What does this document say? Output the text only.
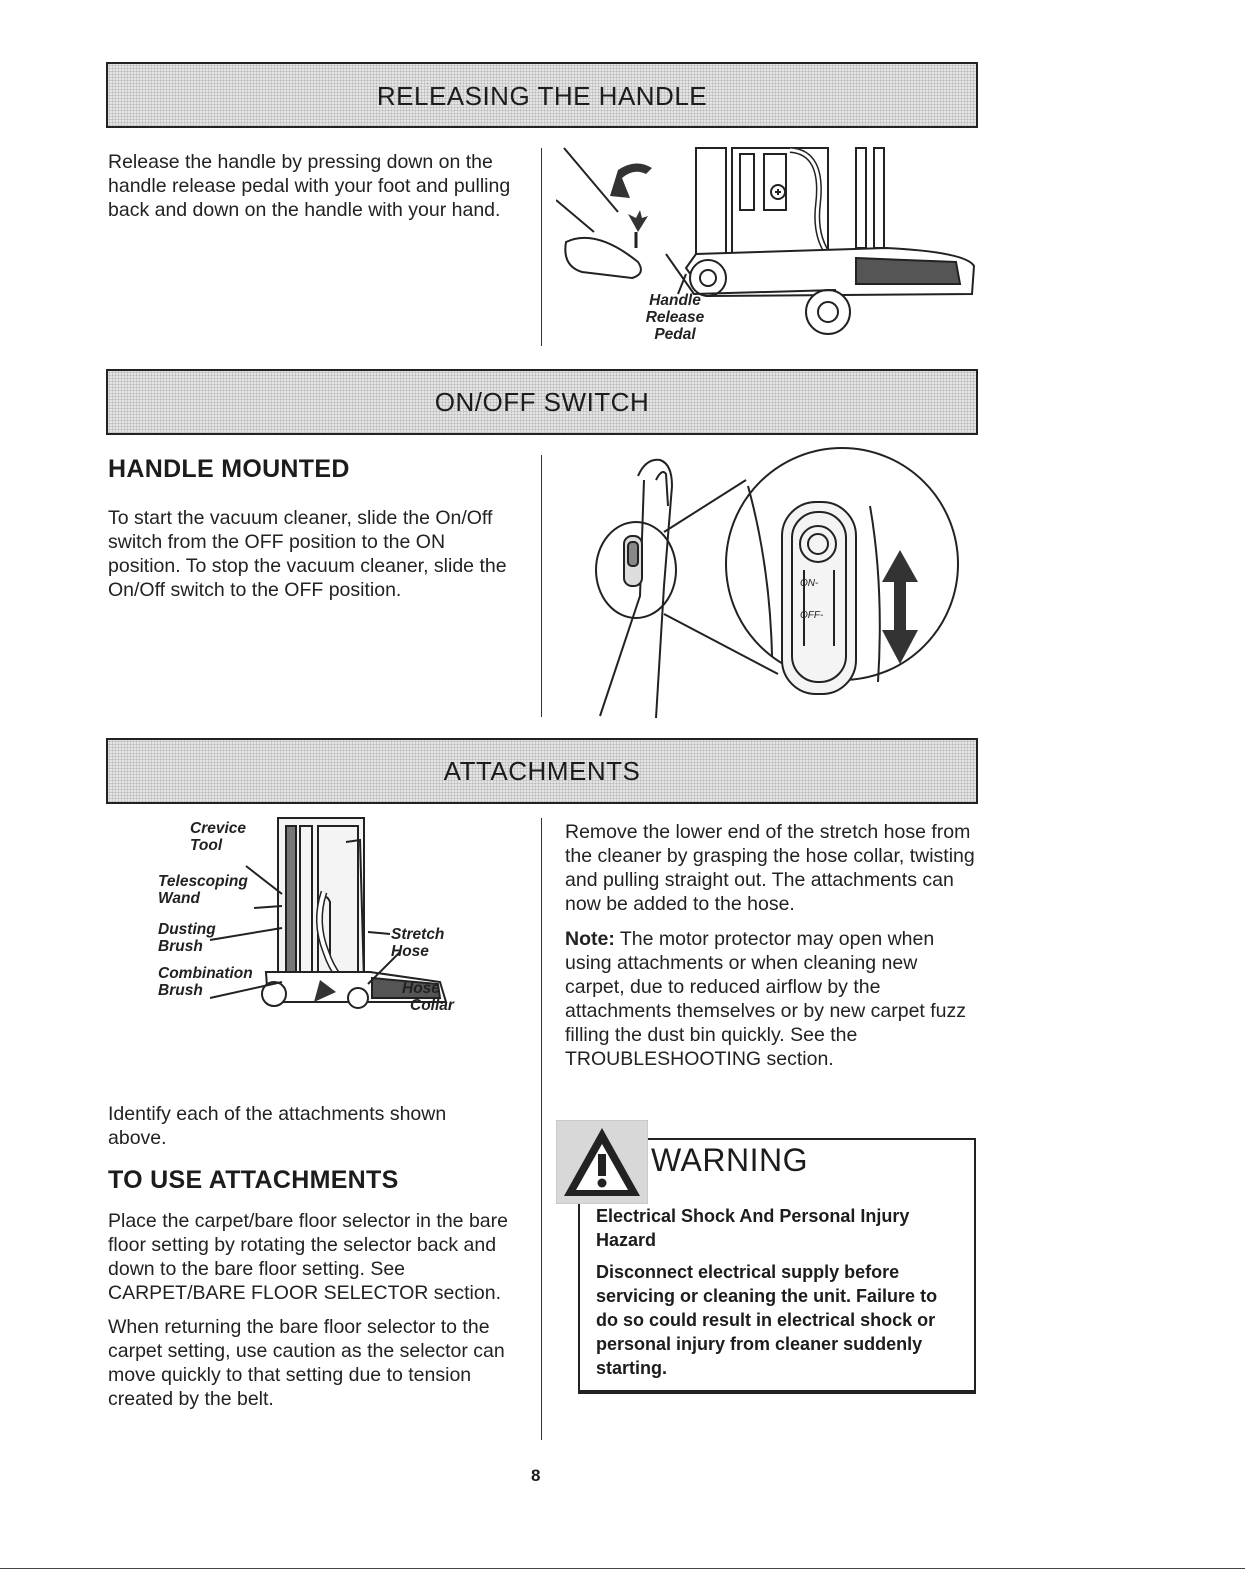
RELEASING THE HANDLE

Release the handle by pressing down on the handle release pedal with your foot and pulling back and down on the handle with your hand.

Handle
Release
Pedal
ON/OFF SWITCH
HANDLE MOUNTED

To start the vacuum cleaner, slide the On/Off switch from the OFF position to the ON position. To stop the vacuum cleaner, slide the On/Off switch to the OFF position.	ON-
OFF-
ATTACHMENTS
Crevice
Tool
Telescoping
Wand
Dusting
Brush
Combination
Brush
Stretch
Hose
Hose
Collar

Identify each of the attachments shown above.

TO USE ATTACHMENTS

Place the carpet/bare floor selector in the bare floor setting by rotating the selector back and down to the bare floor setting. See CARPET/BARE FLOOR SELECTOR section.

When returning the bare floor selector to the carpet setting, use caution as the selector can move quickly to that setting due to tension created by the belt.

Remove the lower end of the stretch hose from the cleaner by grasping the hose collar, twisting and pulling straight out. The attachments can now be added to the hose.

Note: The motor protector may open when using attachments or when cleaning new carpet, due to reduced airflow by the attachments themselves or by new carpet fuzz filling the dust bin quickly. See the TROUBLESHOOTING section.

WARNING
Electrical Shock And Personal Injury Hazard
Disconnect electrical supply before servicing or cleaning the unit. Failure to do so could result in electrical shock or personal injury from cleaner suddenly starting.
8
